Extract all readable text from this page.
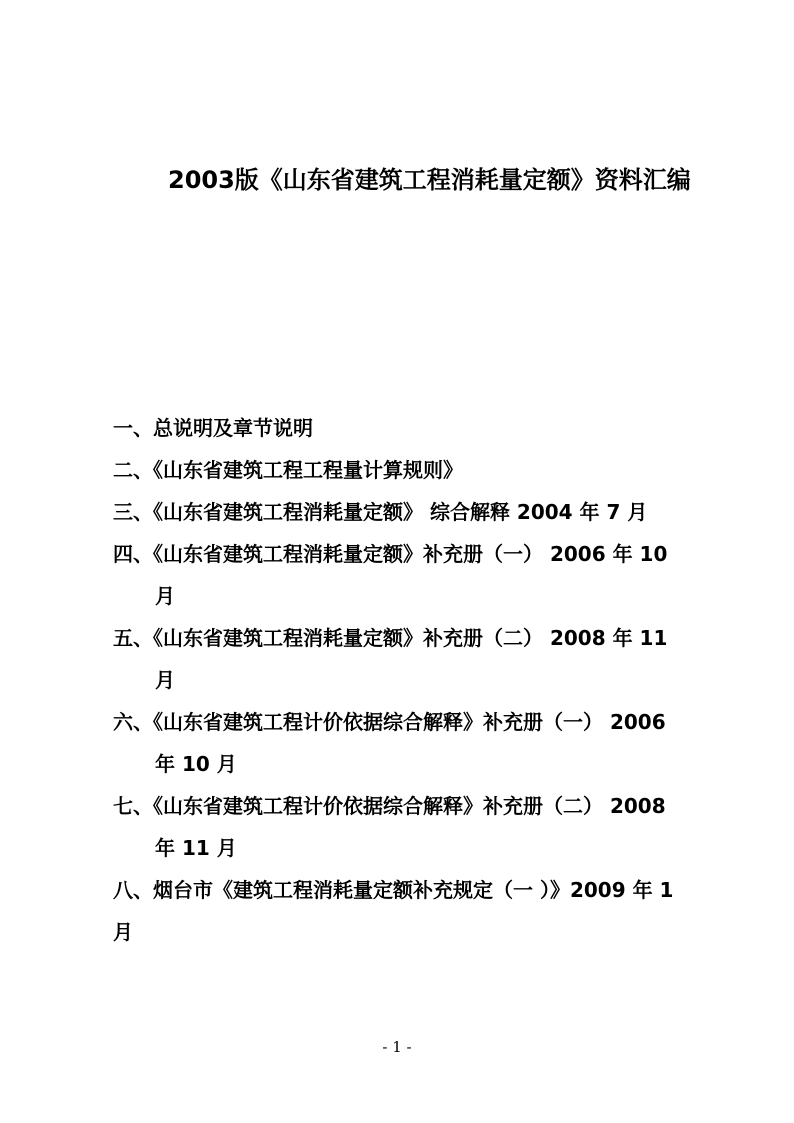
2003版《山东省建筑工程消耗量定额》资料汇编
一、总说明及章节说明
二、《山东省建筑工程工程量计算规则》
三、《山东省建筑工程消耗量定额》 综合解释 2004 年 7 月
四、《山东省建筑工程消耗量定额》补充册（一） 2006 年 10
月
五、《山东省建筑工程消耗量定额》补充册（二） 2008 年 11
月
六、《山东省建筑工程计价依据综合解释》补充册（一） 2006
年 10 月
七、《山东省建筑工程计价依据综合解释》补充册（二） 2008
年 11 月
八、烟台市《建筑工程消耗量定额补充规定（一 ）》2009 年 1
月
- 1 -
